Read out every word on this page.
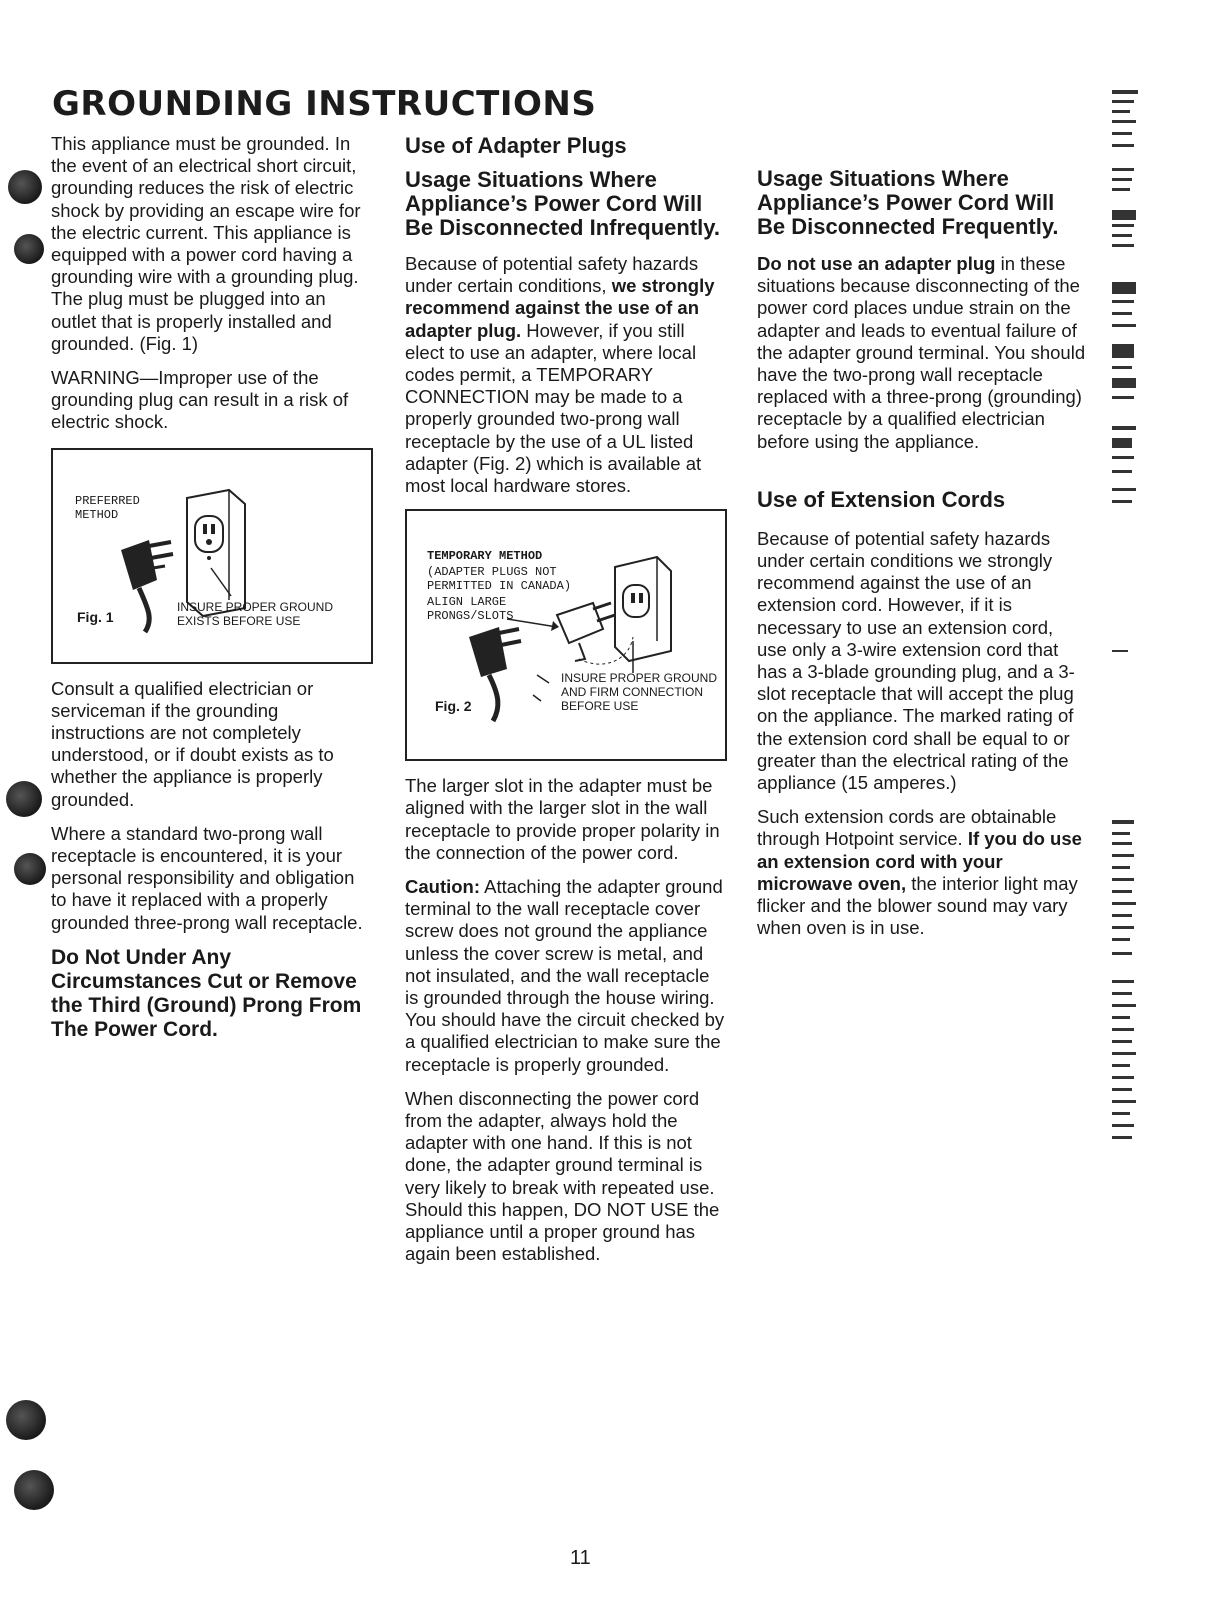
GROUNDING INSTRUCTIONS

This appliance must be grounded. In the event of an electrical short circuit, grounding reduces the risk of electric shock by providing an escape wire for the electric current. This appliance is equipped with a power cord having a grounding wire with a grounding plug. The plug must be plugged into an outlet that is properly installed and grounded. (Fig. 1)

WARNING—Improper use of the grounding plug can result in a risk of electric shock.

PREFERRED
METHOD
Fig. 1
INSURE PROPER GROUND
EXISTS BEFORE USE

Consult a qualified electrician or serviceman if the grounding instructions are not completely understood, or if doubt exists as to whether the appliance is properly grounded.

Where a standard two-prong wall receptacle is encountered, it is your personal responsibility and obligation to have it replaced with a properly grounded three-prong wall receptacle.

Do Not Under Any Circumstances Cut or Remove the Third (Ground) Prong From The Power Cord.
Use of Adapter Plugs
Usage Situations Where Appliance’s Power Cord Will Be Disconnected Infrequently.

Because of potential safety hazards under certain conditions, we strongly recommend against the use of an adapter plug. However, if you still elect to use an adapter, where local codes permit, a TEMPORARY CONNECTION may be made to a properly grounded two-prong wall receptacle by the use of a UL listed adapter (Fig. 2) which is available at most local hardware stores.

TEMPORARY METHOD
(ADAPTER PLUGS NOT
PERMITTED IN CANADA)
ALIGN LARGE
PRONGS/SLOTS
Fig. 2
INSURE PROPER GROUND
AND FIRM CONNECTION
BEFORE USE

The larger slot in the adapter must be aligned with the larger slot in the wall receptacle to provide proper polarity in the connection of the power cord.

Caution: Attaching the adapter ground terminal to the wall receptacle cover screw does not ground the appliance unless the cover screw is metal, and not insulated, and the wall receptacle is grounded through the house wiring. You should have the circuit checked by a qualified electrician to make sure the receptacle is properly grounded.

When disconnecting the power cord from the adapter, always hold the adapter with one hand. If this is not done, the adapter ground terminal is very likely to break with repeated use. Should this happen, DO NOT USE the appliance until a proper ground has again been established.

Usage Situations Where Appliance’s Power Cord Will Be Disconnected Frequently.

Do not use an adapter plug in these situations because disconnecting of the power cord places undue strain on the adapter and leads to eventual failure of the adapter ground terminal. You should have the two-prong wall receptacle replaced with a three-prong (grounding) receptacle by a qualified electrician before using the appliance.

Use of Extension Cords

Because of potential safety hazards under certain conditions we strongly recommend against the use of an extension cord. However, if it is necessary to use an extension cord, use only a 3-wire extension cord that has a 3-blade grounding plug, and a 3-slot receptacle that will accept the plug on the appliance. The marked rating of the extension cord shall be equal to or greater than the electrical rating of the appliance (15 amperes.)

Such extension cords are obtainable through Hotpoint service. If you do use an extension cord with your microwave oven, the interior light may flicker and the blower sound may vary when oven is in use.

11
